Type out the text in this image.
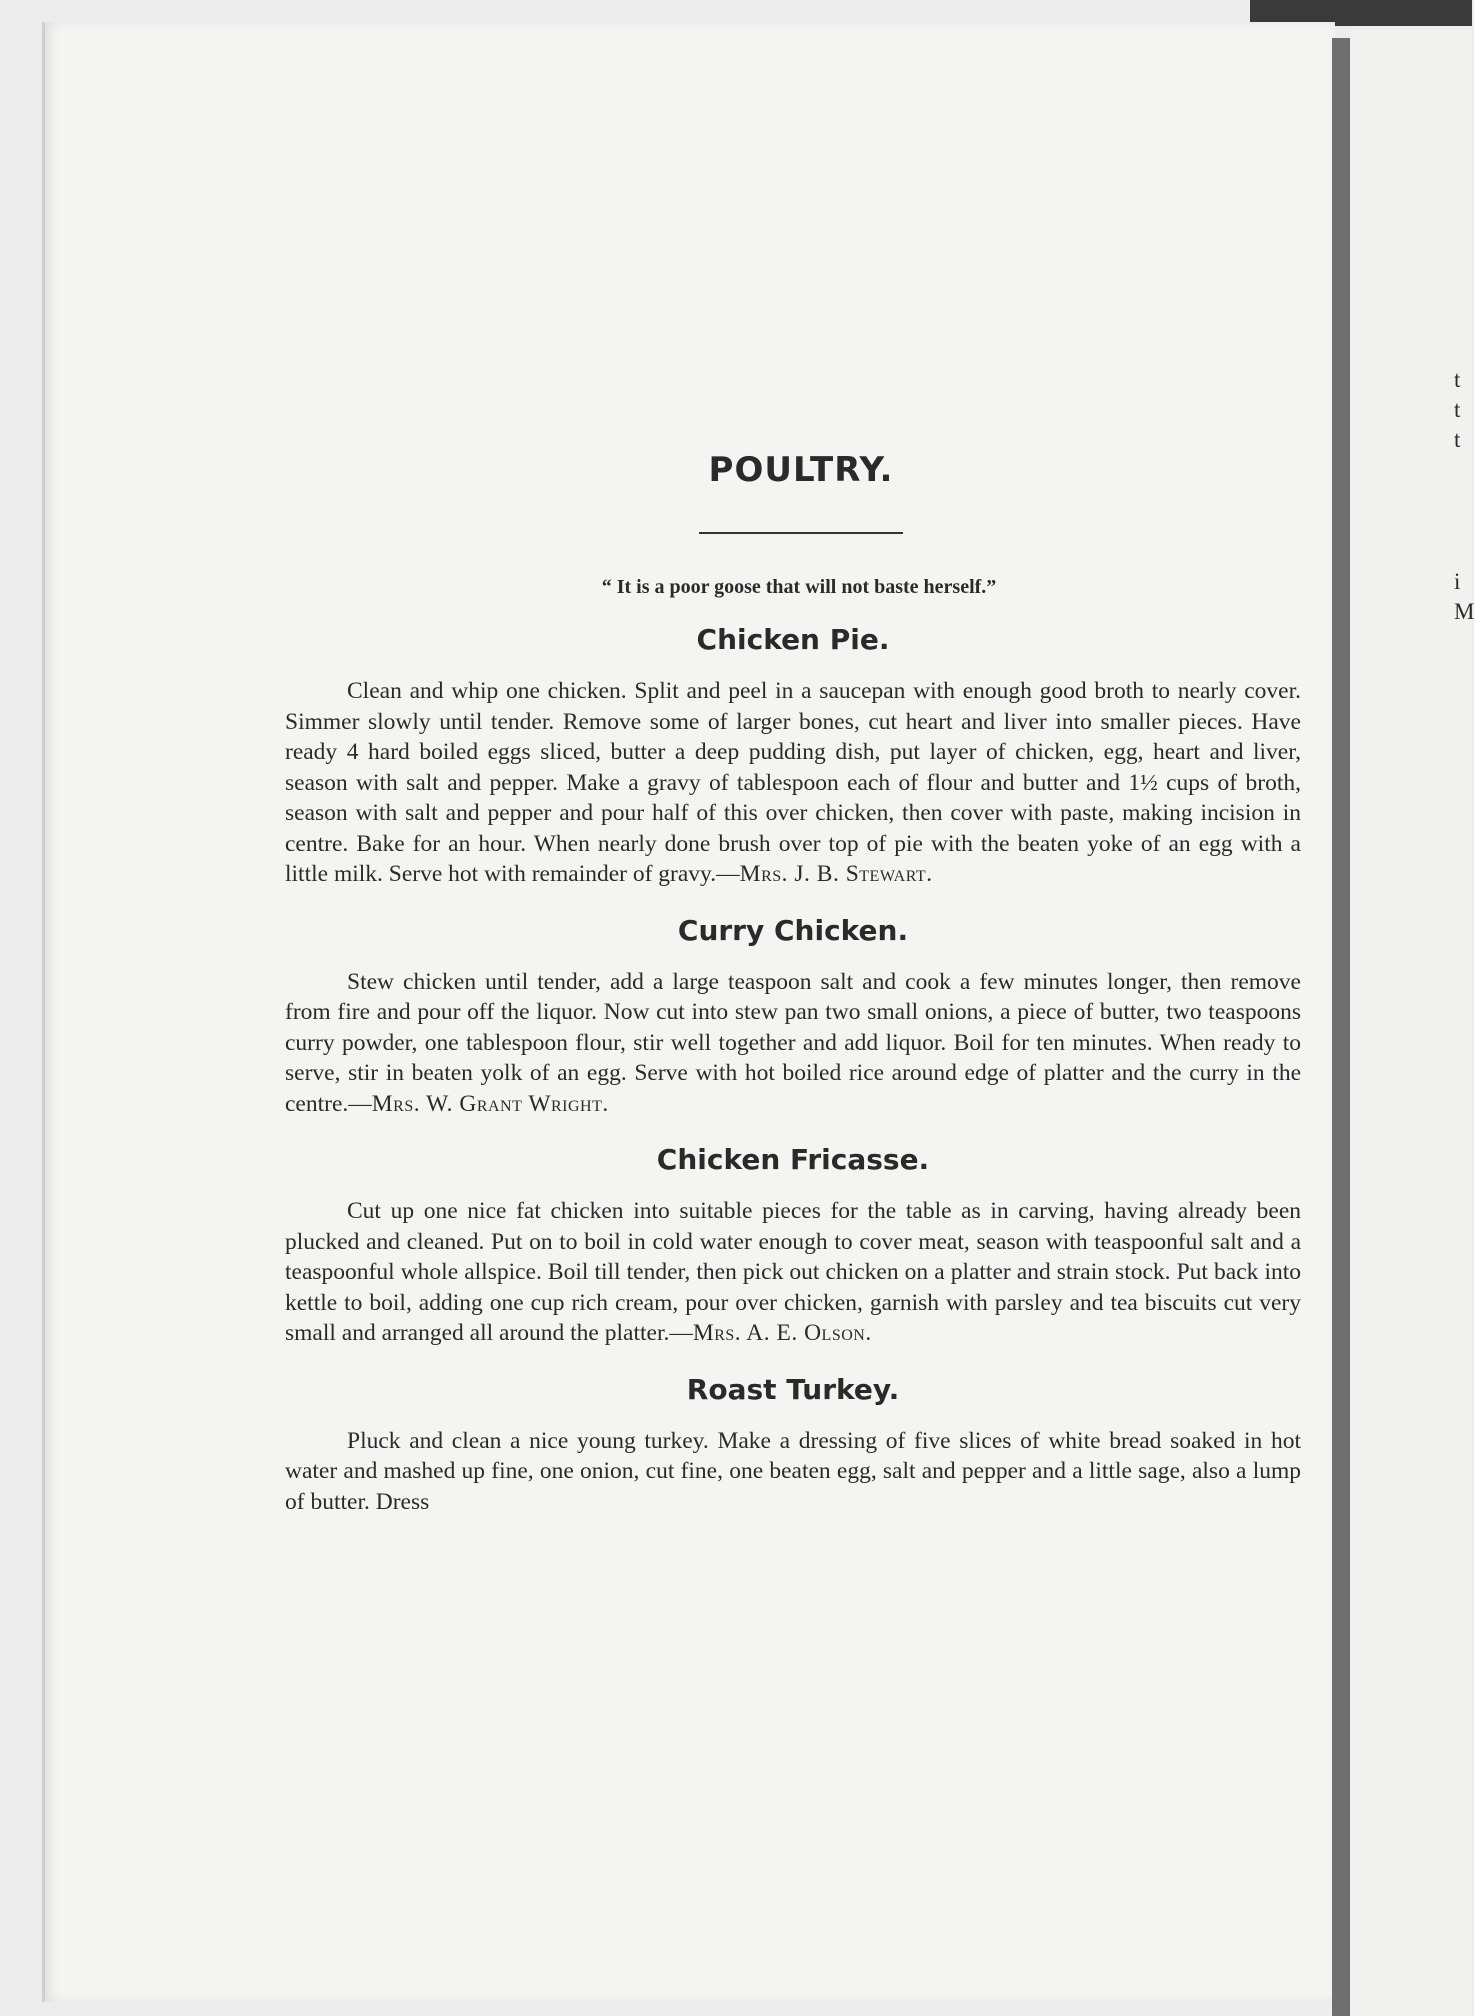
POULTRY.

“ It is a poor goose that will not baste herself.”

Chicken Pie.

Clean and whip one chicken. Split and peel in a saucepan with enough good broth to nearly cover. Simmer slowly until tender. Remove some of larger bones, cut heart and liver into smaller pieces. Have ready 4 hard boiled eggs sliced, butter a deep pudding dish, put layer of chicken, egg, heart and liver, season with salt and pepper. Make a gravy of tablespoon each of flour and butter and 1½ cups of broth, season with salt and pepper and pour half of this over chicken, then cover with paste, making incision in centre. Bake for an hour. When nearly done brush over top of pie with the beaten yoke of an egg with a little milk. Serve hot with remainder of gravy.—Mrs. J. B. Stewart.

Curry Chicken.

Stew chicken until tender, add a large teaspoon salt and cook a few minutes longer, then remove from fire and pour off the liquor. Now cut into stew pan two small onions, a piece of butter, two teaspoons curry powder, one tablespoon flour, stir well together and add liquor. Boil for ten minutes. When ready to serve, stir in beaten yolk of an egg. Serve with hot boiled rice around edge of platter and the curry in the centre.—Mrs. W. Grant Wright.

Chicken Fricasse.

Cut up one nice fat chicken into suitable pieces for the table as in carving, having already been plucked and cleaned. Put on to boil in cold water enough to cover meat, season with teaspoonful salt and a teaspoonful whole allspice. Boil till tender, then pick out chicken on a platter and strain stock. Put back into kettle to boil, adding one cup rich cream, pour over chicken, garnish with parsley and tea biscuits cut very small and arranged all around the platter.—Mrs. A. E. Olson.

Roast Turkey.

Pluck and clean a nice young turkey. Make a dressing of five slices of white bread soaked in hot water and mashed up fine, one onion, cut fine, one beaten egg, salt and pepper and a little sage, also a lump of butter. Dress

t
t
t
i
M
